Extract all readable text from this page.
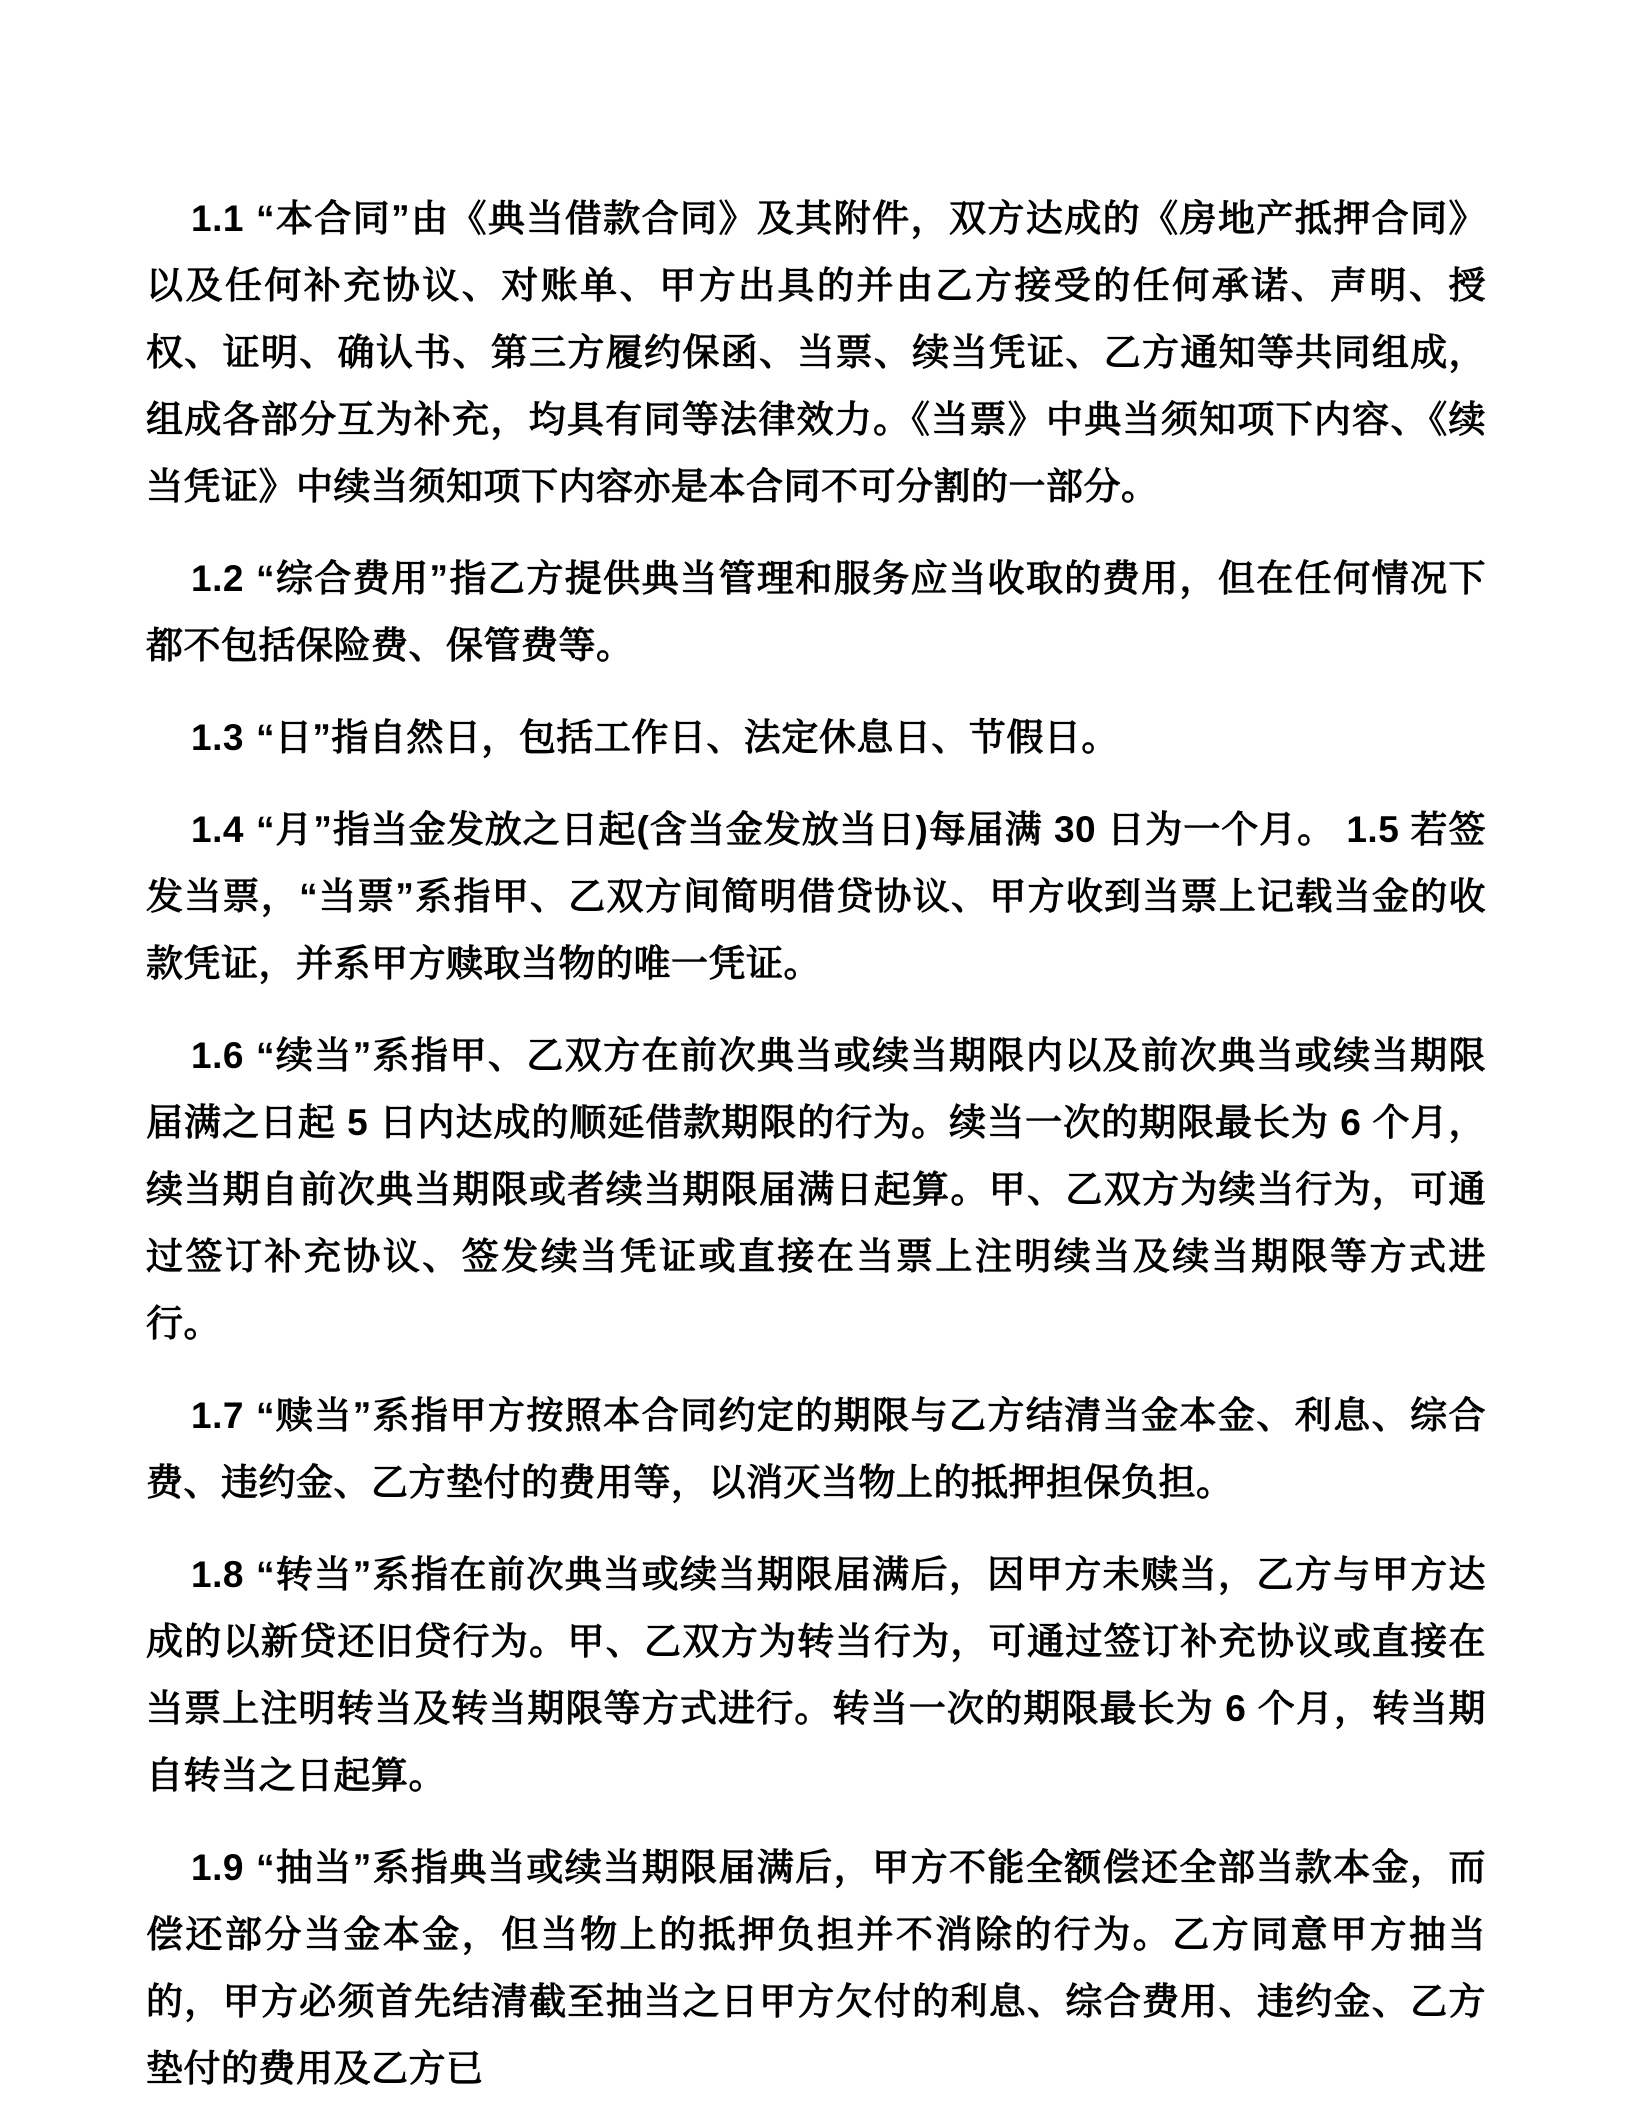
1.1 “本合同”由《典当借款合同》及其附件，双方达成的《房地产抵押合同》以及任何补充协议、对账单、甲方出具的并由乙方接受的任何承诺、声明、授权、证明、确认书、第三方履约保函、当票、续当凭证、乙方通知等共同组成，组成各部分互为补充，均具有同等法律效力。《当票》中典当须知项下内容、《续当凭证》中续当须知项下内容亦是本合同不可分割的一部分。

1.2 “综合费用”指乙方提供典当管理和服务应当收取的费用，但在任何情况下都不包括保险费、保管费等。

1.3 “日”指自然日，包括工作日、法定休息日、节假日。

1.4 “月”指当金发放之日起(含当金发放当日)每届满 30 日为一个月。 1.5 若签发当票，“当票”系指甲、乙双方间简明借贷协议、甲方收到当票上记载当金的收款凭证，并系甲方赎取当物的唯一凭证。

1.6 “续当”系指甲、乙双方在前次典当或续当期限内以及前次典当或续当期限届满之日起 5 日内达成的顺延借款期限的行为。续当一次的期限最长为 6 个月，续当期自前次典当期限或者续当期限届满日起算。甲、乙双方为续当行为，可通过签订补充协议、签发续当凭证或直接在当票上注明续当及续当期限等方式进行。

1.7 “赎当”系指甲方按照本合同约定的期限与乙方结清当金本金、利息、综合费、违约金、乙方垫付的费用等，以消灭当物上的抵押担保负担。

1.8 “转当”系指在前次典当或续当期限届满后，因甲方未赎当，乙方与甲方达成的以新贷还旧贷行为。甲、乙双方为转当行为，可通过签订补充协议或直接在当票上注明转当及转当期限等方式进行。转当一次的期限最长为 6 个月，转当期自转当之日起算。

1.9 “抽当”系指典当或续当期限届满后，甲方不能全额偿还全部当款本金，而偿还部分当金本金，但当物上的抵押负担并不消除的行为。乙方同意甲方抽当的，甲方必须首先结清截至抽当之日甲方欠付的利息、综合费用、违约金、乙方垫付的费用及乙方已
